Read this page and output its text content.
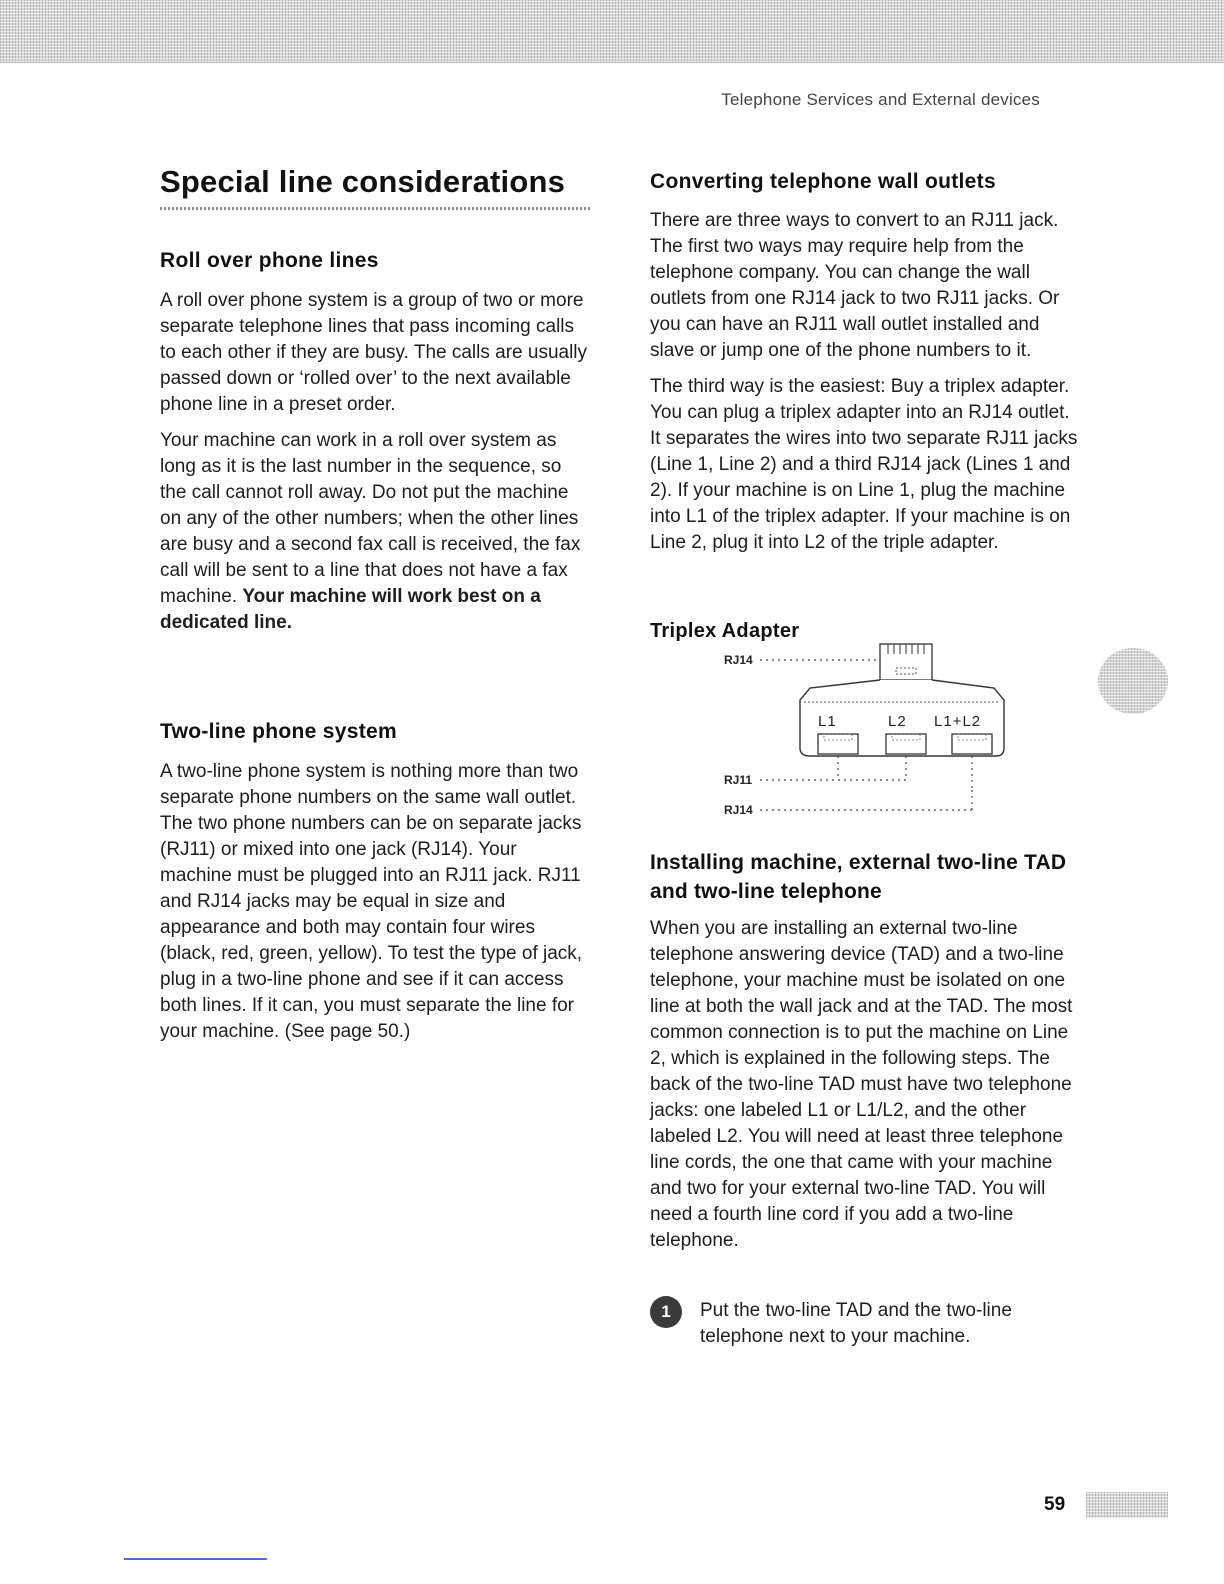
Telephone Services and External devices
Special line considerations
Roll over phone lines

A roll over phone system is a group of two or more separate telephone lines that pass incoming calls to each other if they are busy. The calls are usually passed down or ‘rolled over’ to the next available phone line in a preset order.

Your machine can work in a roll over system as long as it is the last number in the sequence, so the call cannot roll away. Do not put the machine on any of the other numbers; when the other lines are busy and a second fax call is received, the fax call will be sent to a line that does not have a fax machine. Your machine will work best on a dedicated line.

Two-line phone system

A two-line phone system is nothing more than two separate phone numbers on the same wall outlet. The two phone numbers can be on separate jacks (RJ11) or mixed into one jack (RJ14). Your machine must be plugged into an RJ11 jack. RJ11 and RJ14 jacks may be equal in size and appearance and both may contain four wires (black, red, green, yellow). To test the type of jack, plug in a two-line phone and see if it can access both lines. If it can, you must separate the line for your machine. (See page 50.)

Converting telephone wall outlets

There are three ways to convert to an RJ11 jack. The first two ways may require help from the telephone company. You can change the wall outlets from one RJ14 jack to two RJ11 jacks. Or you can have an RJ11 wall outlet installed and slave or jump one of the phone numbers to it.

The third way is the easiest: Buy a triplex adapter. You can plug a triplex adapter into an RJ14 outlet. It separates the wires into two separate RJ11 jacks (Line 1, Line 2) and a third RJ14 jack (Lines 1 and 2). If your machine is on Line 1, plug the machine into L1 of the triplex adapter. If your machine is on Line 2, plug it into L2 of the triple adapter.

Triplex Adapter
RJ14
L1	L2 L1+L2
RJ11
RJ14
Installing machine, external two-line TAD and two-line telephone

When you are installing an external two-line telephone answering device (TAD) and a two-line telephone, your machine must be isolated on one line at both the wall jack and at the TAD. The most common connection is to put the machine on Line 2, which is explained in the following steps. The back of the two-line TAD must have two telephone jacks: one labeled L1 or L1/L2, and the other labeled L2. You will need at least three telephone line cords, the one that came with your machine and two for your external two-line TAD. You will need a fourth line cord if you add a two-line telephone.

1	Put the two-line TAD and the two-line telephone next to your machine.

59
